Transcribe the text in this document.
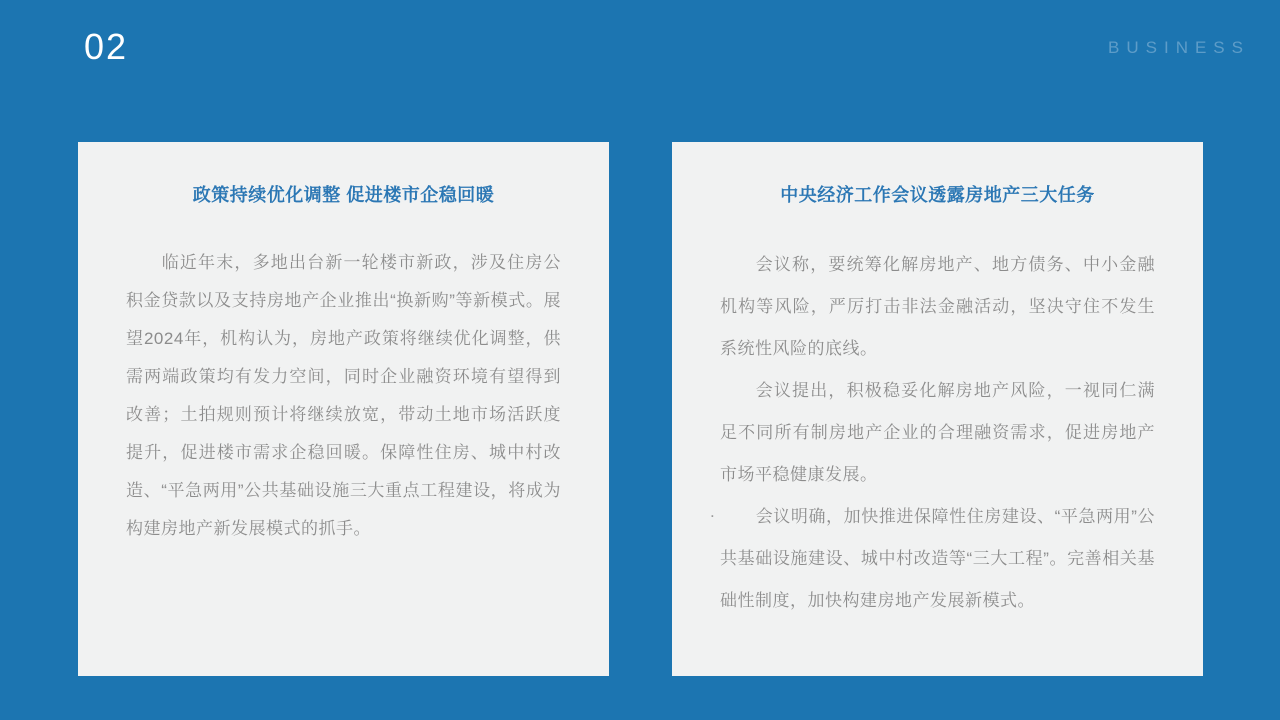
02	BUSINESS
政策持续优化调整 促进楼市企稳回暖

临近年末，多地出台新一轮楼市新政，涉及住房公积金贷款以及支持房地产企业推出“换新购”等新模式。展望2024年，机构认为，房地产政策将继续优化调整，供需两端政策均有发力空间，同时企业融资环境有望得到改善；土拍规则预计将继续放宽，带动土地市场活跃度提升，促进楼市需求企稳回暖。保障性住房、城中村改造、“平急两用”公共基础设施三大重点工程建设，将成为构建房地产新发展模式的抓手。

中央经济工作会议透露房地产三大任务

会议称，要统筹化解房地产、地方债务、中小金融机构等风险，严厉打击非法金融活动，坚决守住不发生系统性风险的底线。

会议提出，积极稳妥化解房地产风险，一视同仁满足不同所有制房地产企业的合理融资需求，促进房地产市场平稳健康发展。

会议明确，加快推进保障性住房建设、“平急两用”公共基础设施建设、城中村改造等“三大工程”。完善相关基础性制度，加快构建房地产发展新模式。

.
